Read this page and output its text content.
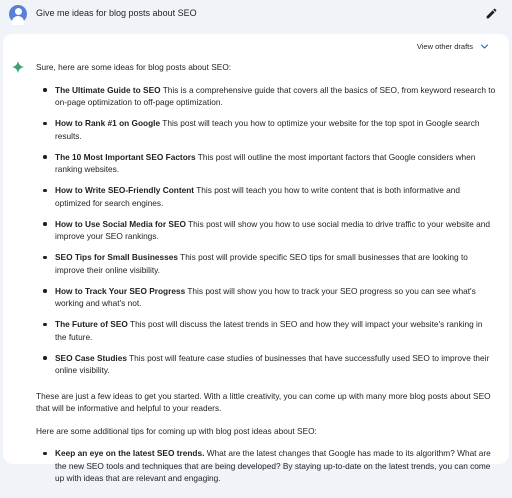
Give me ideas for blog posts about SEO
View other drafts

Sure, here are some ideas for blog posts about SEO:

The Ultimate Guide to SEO This is a comprehensive guide that covers all the basics of SEO, from keyword research to on-page optimization to off-page optimization.
How to Rank #1 on Google This post will teach you how to optimize your website for the top spot in Google search results.
The 10 Most Important SEO Factors This post will outline the most important factors that Google considers when ranking websites.
How to Write SEO-Friendly Content This post will teach you how to write content that is both informative and optimized for search engines.
How to Use Social Media for SEO This post will show you how to use social media to drive traffic to your website and improve your SEO rankings.
SEO Tips for Small Businesses This post will provide specific SEO tips for small businesses that are looking to improve their online visibility.
How to Track Your SEO Progress This post will show you how to track your SEO progress so you can see what's working and what's not.
The Future of SEO This post will discuss the latest trends in SEO and how they will impact your website's ranking in the future.
SEO Case Studies This post will feature case studies of businesses that have successfully used SEO to improve their online visibility.

These are just a few ideas to get you started. With a little creativity, you can come up with many more blog posts about SEO that will be informative and helpful to your readers.

Here are some additional tips for coming up with blog post ideas about SEO:

Keep an eye on the latest SEO trends. What are the latest changes that Google has made to its algorithm? What are the new SEO tools and techniques that are being developed? By staying up-to-date on the latest trends, you can come up with ideas that are relevant and engaging.
